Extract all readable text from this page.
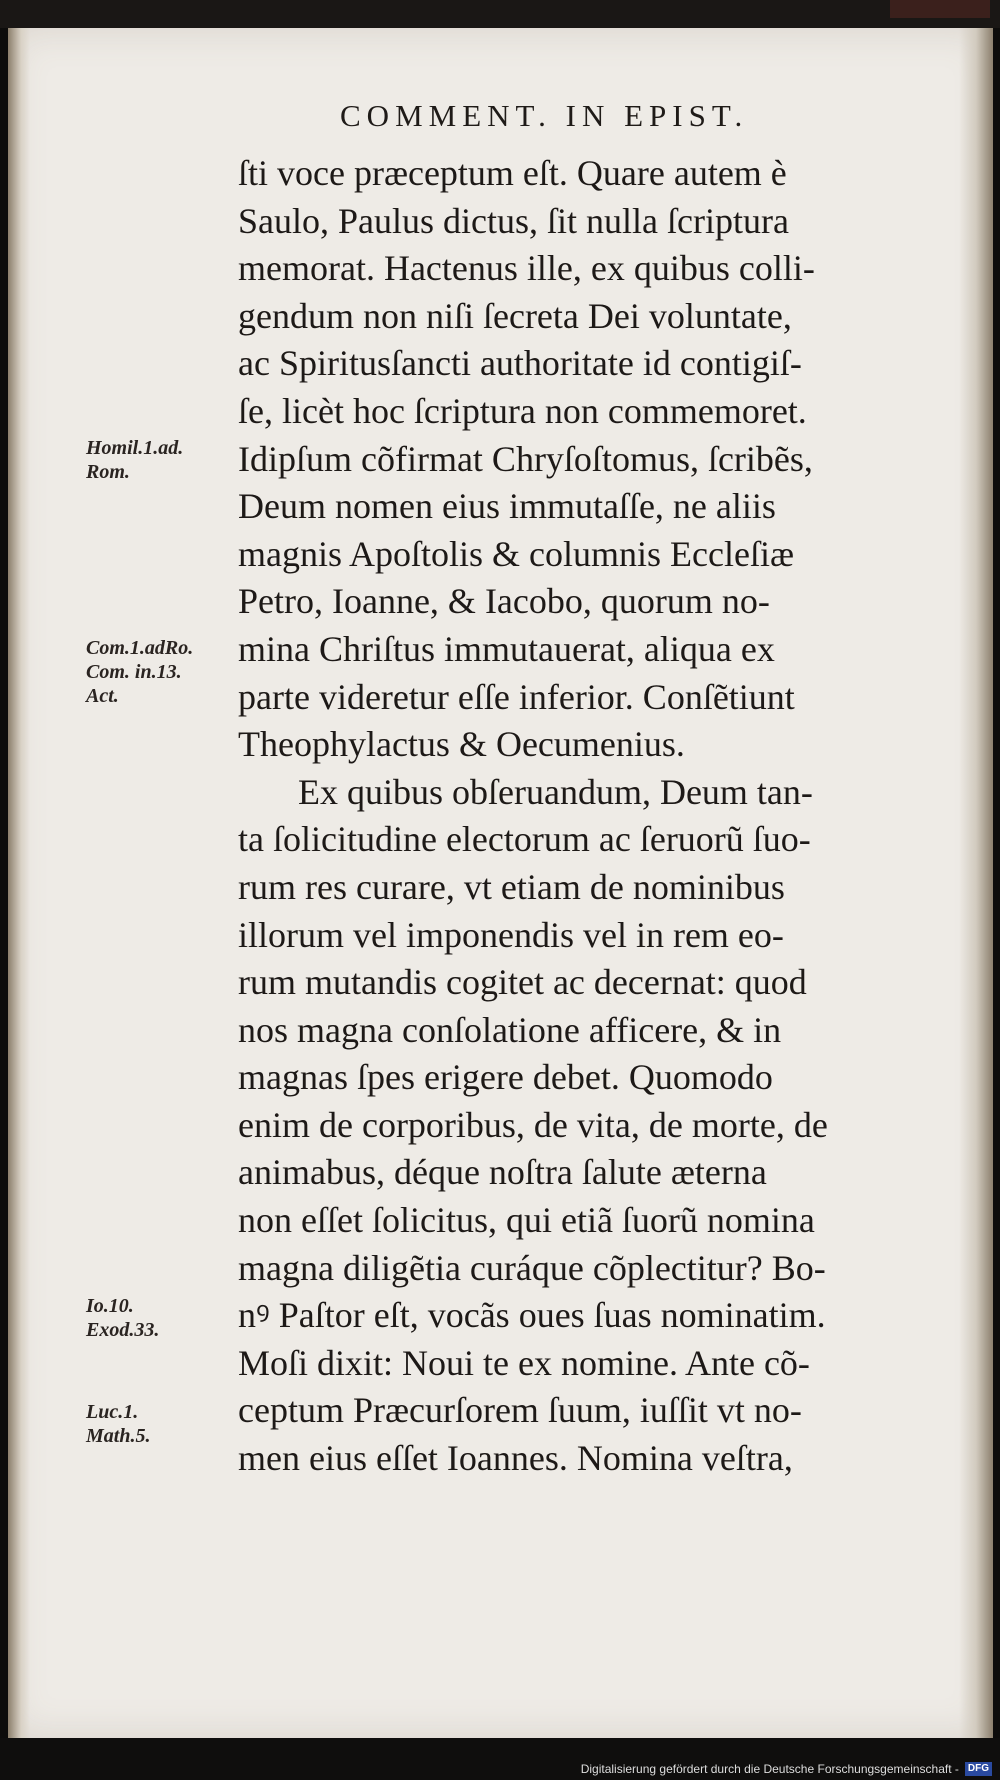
COMMENT. IN EPIST.
ſti voce præceptum eſt. Quare autem è
Saulo, Paulus dictus, ſit nulla ſcriptura
memorat. Hactenus ille, ex quibus colli-
gendum non niſi ſecreta Dei voluntate,
ac Spiritusſancti authoritate id contigiſ-
ſe, licèt hoc ſcriptura non commemoret.
Idipſum cõfirmat Chryſoſtomus, ſcribẽs,
Deum nomen eius immutaſſe, ne aliis
magnis Apoſtolis & columnis Eccleſiæ
Petro, Ioanne, & Iacobo, quorum no-
mina Chriſtus immutauerat, aliqua ex
parte videretur eſſe inferior. Conſẽtiunt
Theophylactus & Oecumenius.
Ex quibus obſeruandum, Deum tan-
ta ſolicitudine electorum ac ſeruorũ ſuo-
rum res curare, vt etiam de nominibus
illorum vel imponendis vel in rem eo-
rum mutandis cogitet ac decernat: quod
nos magna conſolatione afficere, & in
magnas ſpes erigere debet. Quomodo
enim de corporibus, de vita, de morte, de
animabus, déque noſtra ſalute æterna
non eſſet ſolicitus, qui etiã ſuorũ nomina
magna diligẽtia curáque cõplectitur? Bo-
nꝰ Paſtor eſt, vocãs oues ſuas nominatim.
Moſi dixit: Noui te ex nomine. Ante cõ-
ceptum Præcurſorem ſuum, iuſſit vt no-
men eius eſſet Ioannes. Nomina veſtra,
Homil.1.ad.
Rom.
Com.1.adRo.
Com. in.13.
Act.
Io.10.
Exod.33.
Luc.1.
Math.5.
Digitalisierung gefördert durch die Deutsche Forschungsgemeinschaft - DFG
